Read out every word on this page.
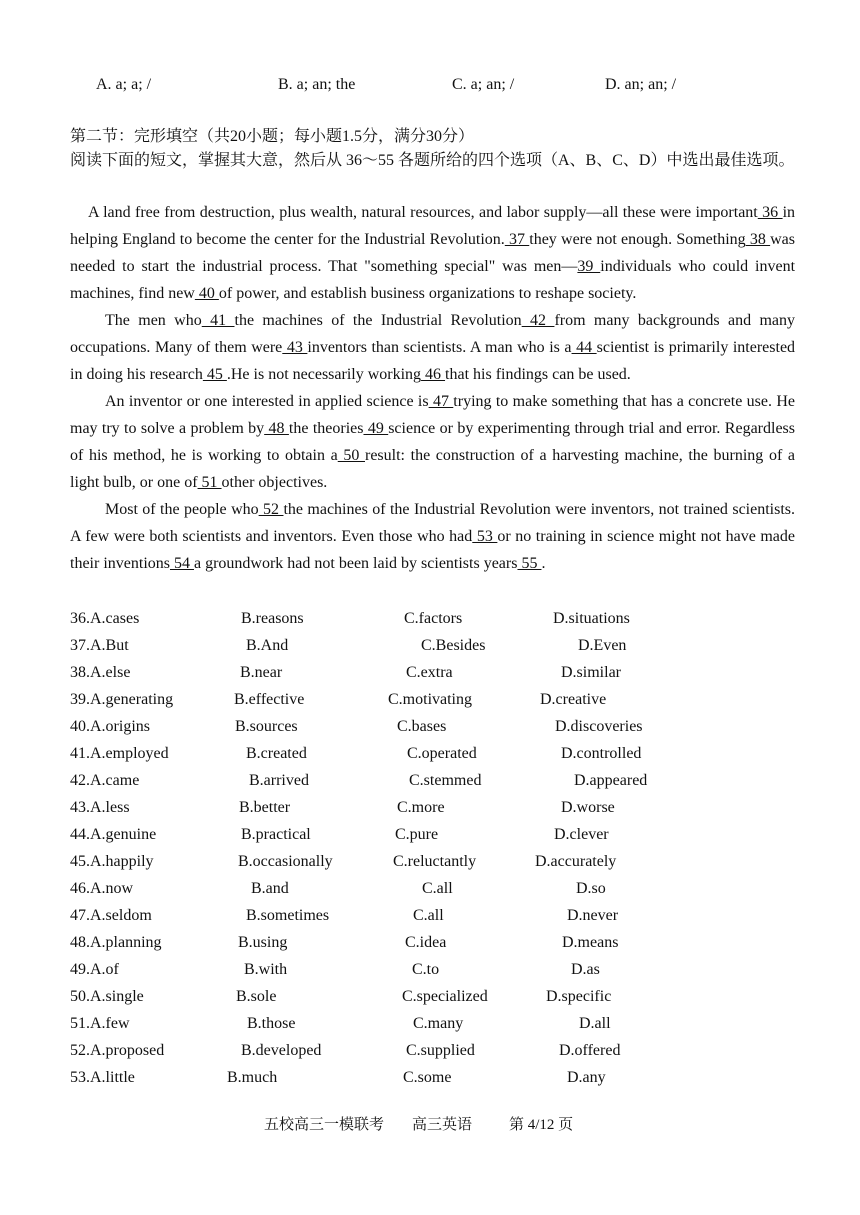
A. a; a; /	B. a; an; the	C. a; an; /	D. an; an; /
第二节：完形填空（共20小题；每小题1.5分，满分30分）
阅读下面的短文，掌握其大意，然后从 36～55 各题所给的四个选项（A、B、C、D）中选出最佳选项。

A land free from destruction, plus wealth, natural resources, and labor supply—all these were important 36 in helping England to become the center for the Industrial Revolution. 37 they were not enough. Something 38 was needed to start the industrial process. That "something special" was men—39 individuals who could invent machines, find new 40 of power, and establish business organizations to reshape society.

The men who 41 the machines of the Industrial Revolution 42 from many backgrounds and many occupations. Many of them were 43 inventors than scientists. A man who is a 44 scientist is primarily interested in doing his research 45 .He is not necessarily working 46 that his findings can be used.

An inventor or one interested in applied science is 47 trying to make something that has a concrete use. He may try to solve a problem by 48 the theories 49 science or by experimenting through trial and error. Regardless of his method, he is working to obtain a 50 result: the construction of a harvesting machine, the burning of a light bulb, or one of 51 other objectives.

Most of the people who 52 the machines of the Industrial Revolution were inventors, not trained scientists. A few were both scientists and inventors. Even those who had 53 or no training in science might not have made their inventions 54 a groundwork had not been laid by scientists years 55 .

36.A.cases	B.reasons	C.factors	D.situations
37.A.But	B.And	C.Besides	D.Even
38.A.else	B.near	C.extra	D.similar
39.A.generating	B.effective	C.motivating	D.creative
40.A.origins	B.sources	C.bases	D.discoveries
41.A.employed	B.created	C.operated	D.controlled
42.A.came	B.arrived	C.stemmed	D.appeared
43.A.less	B.better	C.more	D.worse
44.A.genuine	B.practical	C.pure	D.clever
45.A.happily	B.occasionally	C.reluctantly	D.accurately
46.A.now	B.and	C.all	D.so
47.A.seldom	B.sometimes	C.all	D.never
48.A.planning	B.using	C.idea	D.means
49.A.of	B.with	C.to	D.as
50.A.single	B.sole	C.specialized	D.specific
51.A.few	B.those	C.many	D.all
52.A.proposed	B.developed	C.supplied	D.offered
53.A.little	B.much	C.some	D.any
五校高三一模联考 高三英语 第 4/12 页
